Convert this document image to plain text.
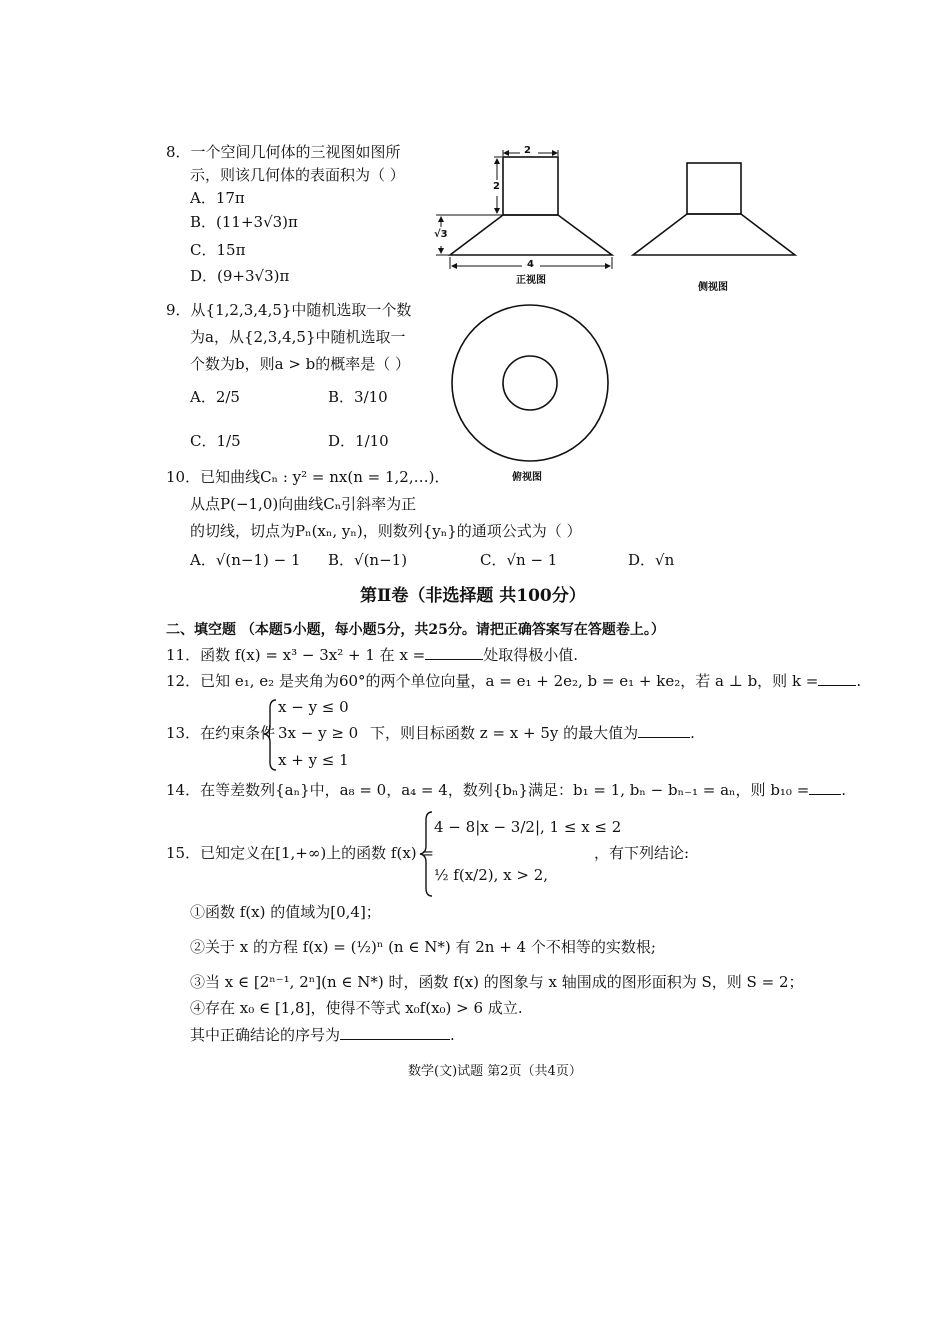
2
2
√3
4
正视图
侧视图
俯视图
8．一个空间几何体的三视图如图所
示，则该几何体的表面积为（ ）
A．17π
B．(11+3√3)π
C．15π
D．(9+3√3)π
9．从{1,2,3,4,5}中随机选取一个数
为a，从{2,3,4,5}中随机选取一
个数为b，则a > b的概率是（ ）
A．2/5	B．3/10
C．1/5	D．1/10
10．已知曲线Cₙ : y² = nx(n = 1,2,…)．
从点P(−1,0)向曲线Cₙ引斜率为正
的切线，切点为Pₙ(xₙ, yₙ)，则数列{yₙ}的通项公式为（ ）
A．√(n−1) − 1 B．√(n−1)	C．√n − 1	D．√n
第Ⅱ卷（非选择题 共100分）
二、填空题 （本题5小题，每小题5分，共25分。请把正确答案写在答题卷上。）
11．函数 f(x) = x³ − 3x² + 1 在 x =	处取得极小值.
12．已知 e₁, e₂ 是夹角为60°的两个单位向量，a = e₁ + 2e₂, b = e₁ + ke₂，若 a ⊥ b，则 k =	.
13．在约束条件
x − y ≤ 0
3x − y ≥ 0
x + y ≤ 1
下，则目标函数 z = x + 5y 的最大值为	.
14．在等差数列{aₙ}中，a₈ = 0，a₄ = 4，数列{bₙ}满足：b₁ = 1, bₙ − bₙ₋₁ = aₙ，则 b₁₀ = .
15．已知定义在[1,+∞)上的函数 f(x) =
4 − 8|x − 3/2|, 1 ≤ x ≤ 2
½ f(x/2), x > 2,
，有下列结论:
①函数 f(x) 的值域为[0,4]；
②关于 x 的方程 f(x) = (½)ⁿ (n ∈ N*) 有 2n + 4 个不相等的实数根;
③当 x ∈ [2ⁿ⁻¹, 2ⁿ](n ∈ N*) 时，函数 f(x) 的图象与 x 轴围成的图形面积为 S，则 S = 2；
④存在 x₀ ∈ [1,8]，使得不等式 x₀f(x₀) > 6 成立.
其中正确结论的序号为	.
数学(文)试题 第2页（共4页）
